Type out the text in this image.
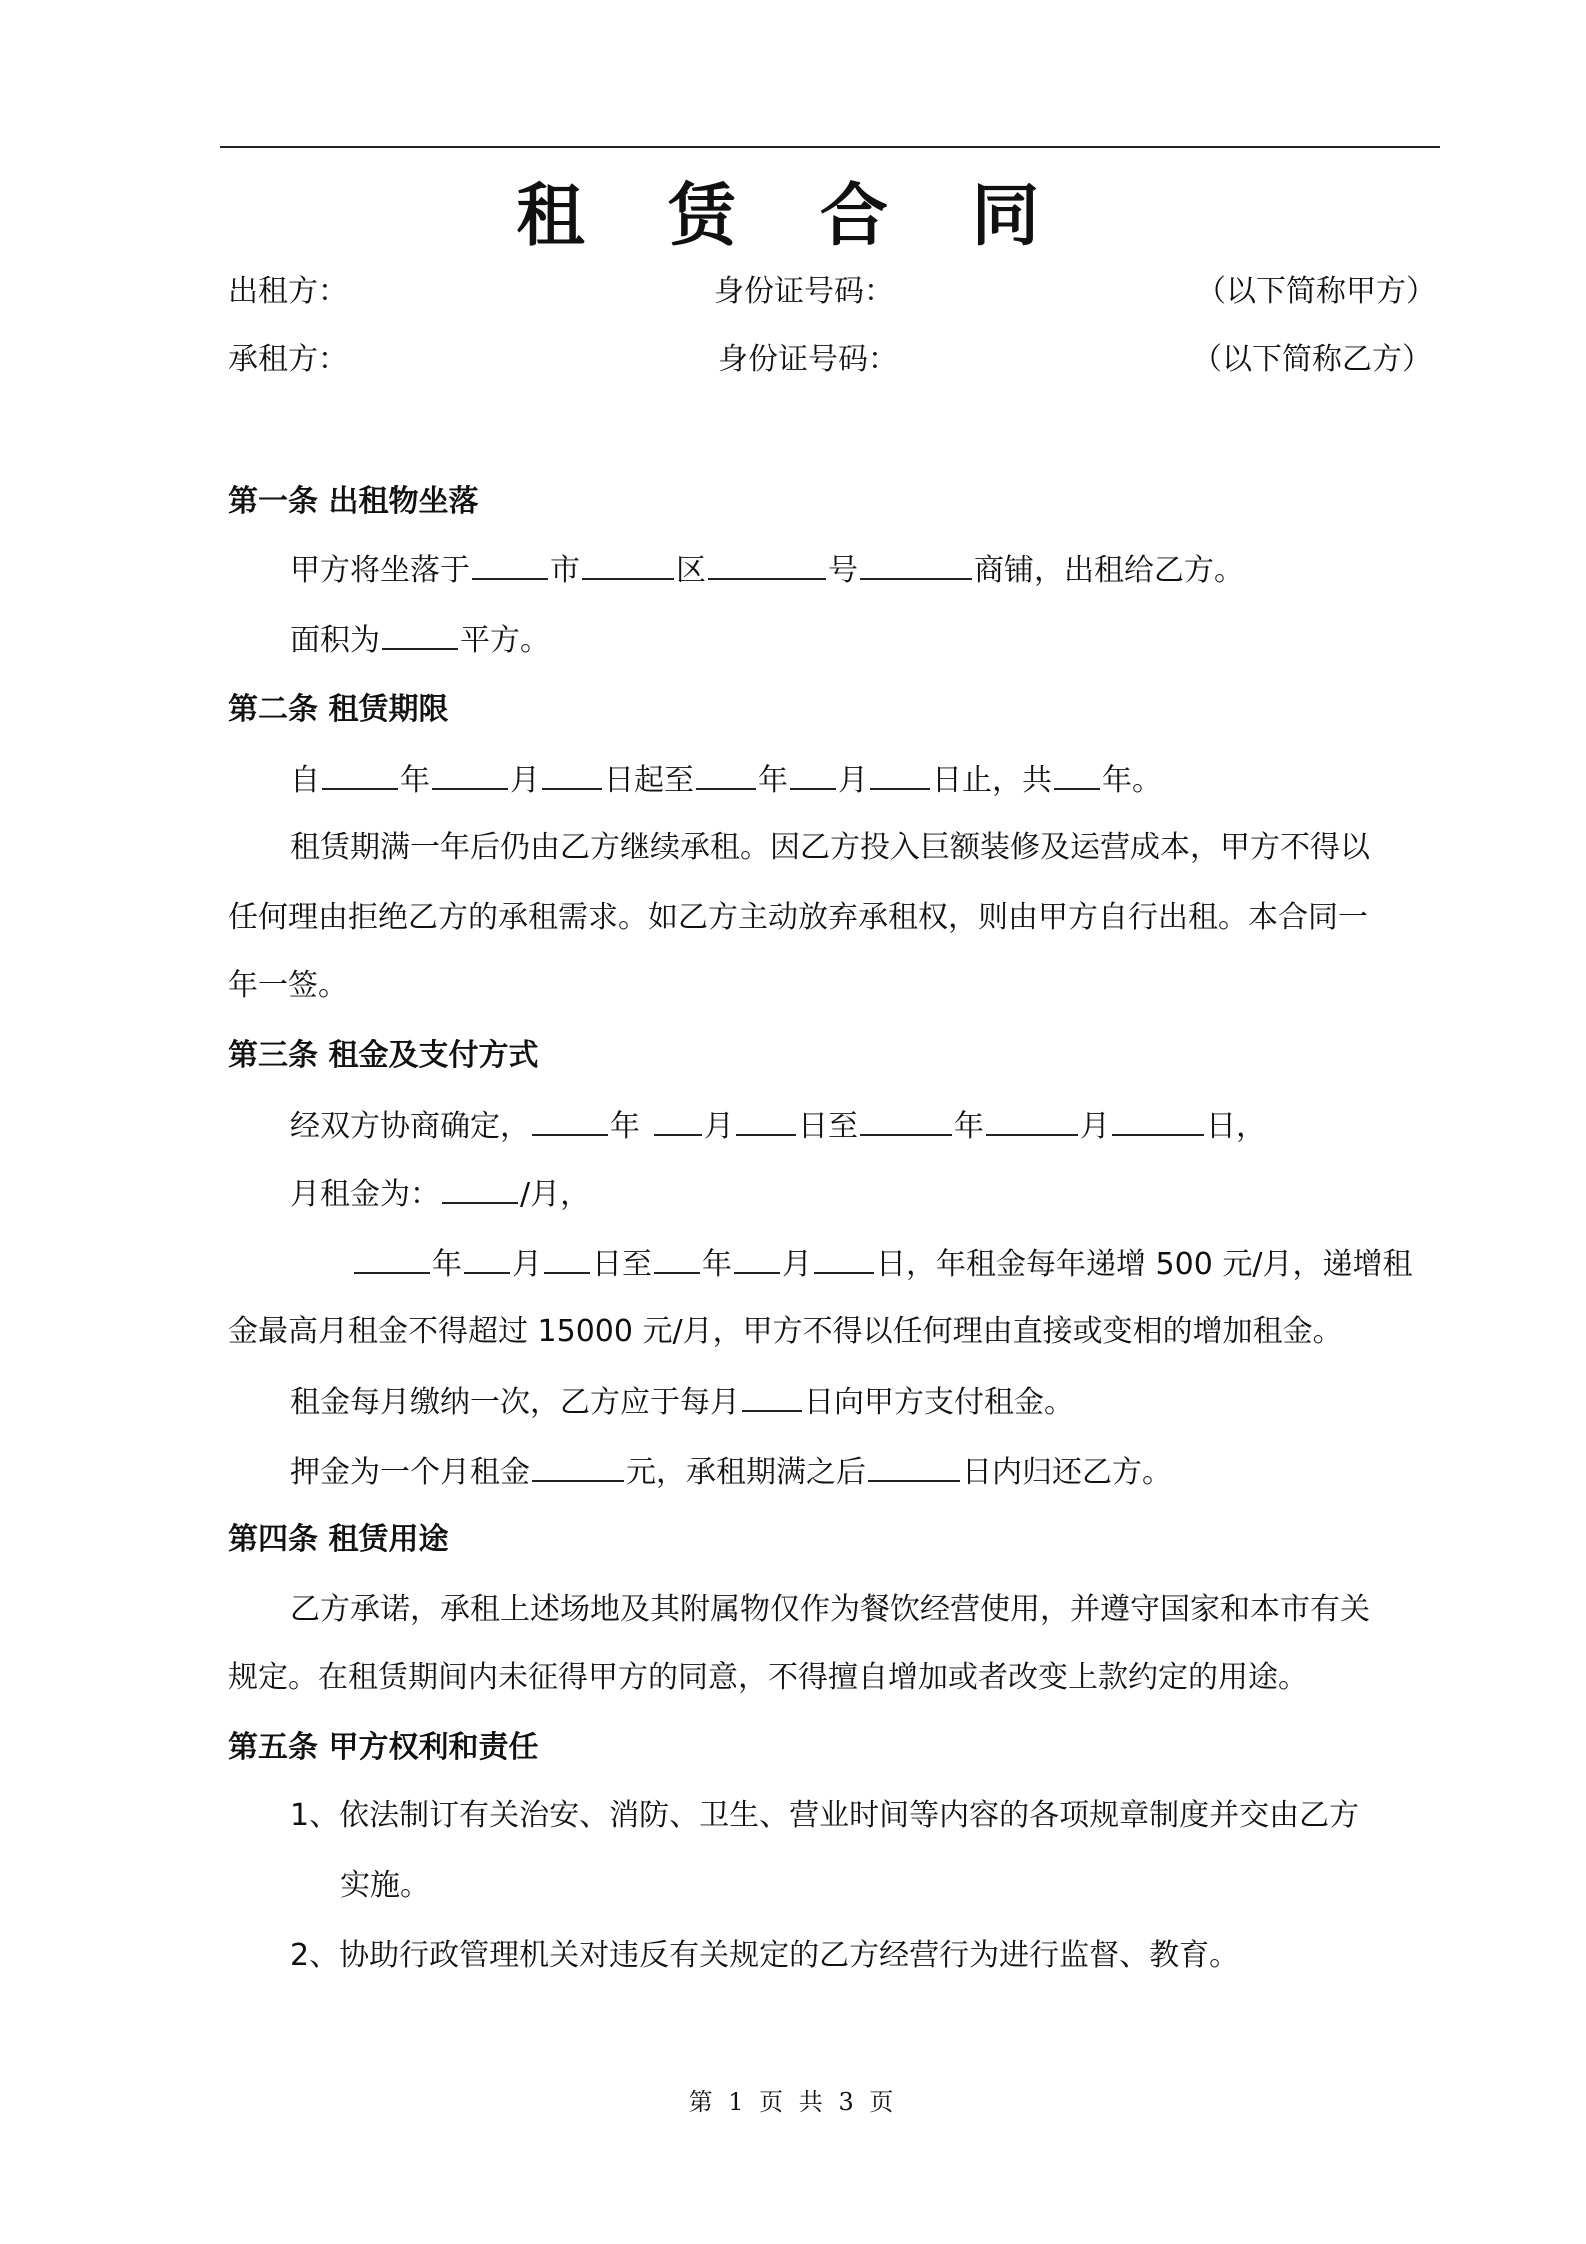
租 赁 合 同
出租方：	身份证号码：	（以下简称甲方）
承租方：	身份证号码：	（以下简称乙方）
第一条 出租物坐落
甲方将坐落于	市	区	号	商铺，出租给乙方。
面积为	平方。
第二条 租赁期限
自	年	月 日起至 年 月 日止，共 年。
租赁期满一年后仍由乙方继续承租。因乙方投入巨额装修及运营成本，甲方不得以
任何理由拒绝乙方的承租需求。如乙方主动放弃承租权，则由甲方自行出租。本合同一
年一签。
第三条 租金及支付方式
经双方协商确定，	年 月 日至	年	月	日，
月租金为：	/月，
年 月 日至 年 月 日，年租金每年递增 500 元/月，递增租
金最高月租金不得超过 15000 元/月，甲方不得以任何理由直接或变相的增加租金。
租金每月缴纳一次，乙方应于每月 日向甲方支付租金。
押金为一个月租金	元，承租期满之后	日内归还乙方。
第四条 租赁用途
乙方承诺，承租上述场地及其附属物仅作为餐饮经营使用，并遵守国家和本市有关
规定。在租赁期间内未征得甲方的同意，不得擅自增加或者改变上款约定的用途。
第五条 甲方权利和责任
1、依法制订有关治安、消防、卫生、营业时间等内容的各项规章制度并交由乙方
实施。
2、协助行政管理机关对违反有关规定的乙方经营行为进行监督、教育。
第 1 页 共 3 页
